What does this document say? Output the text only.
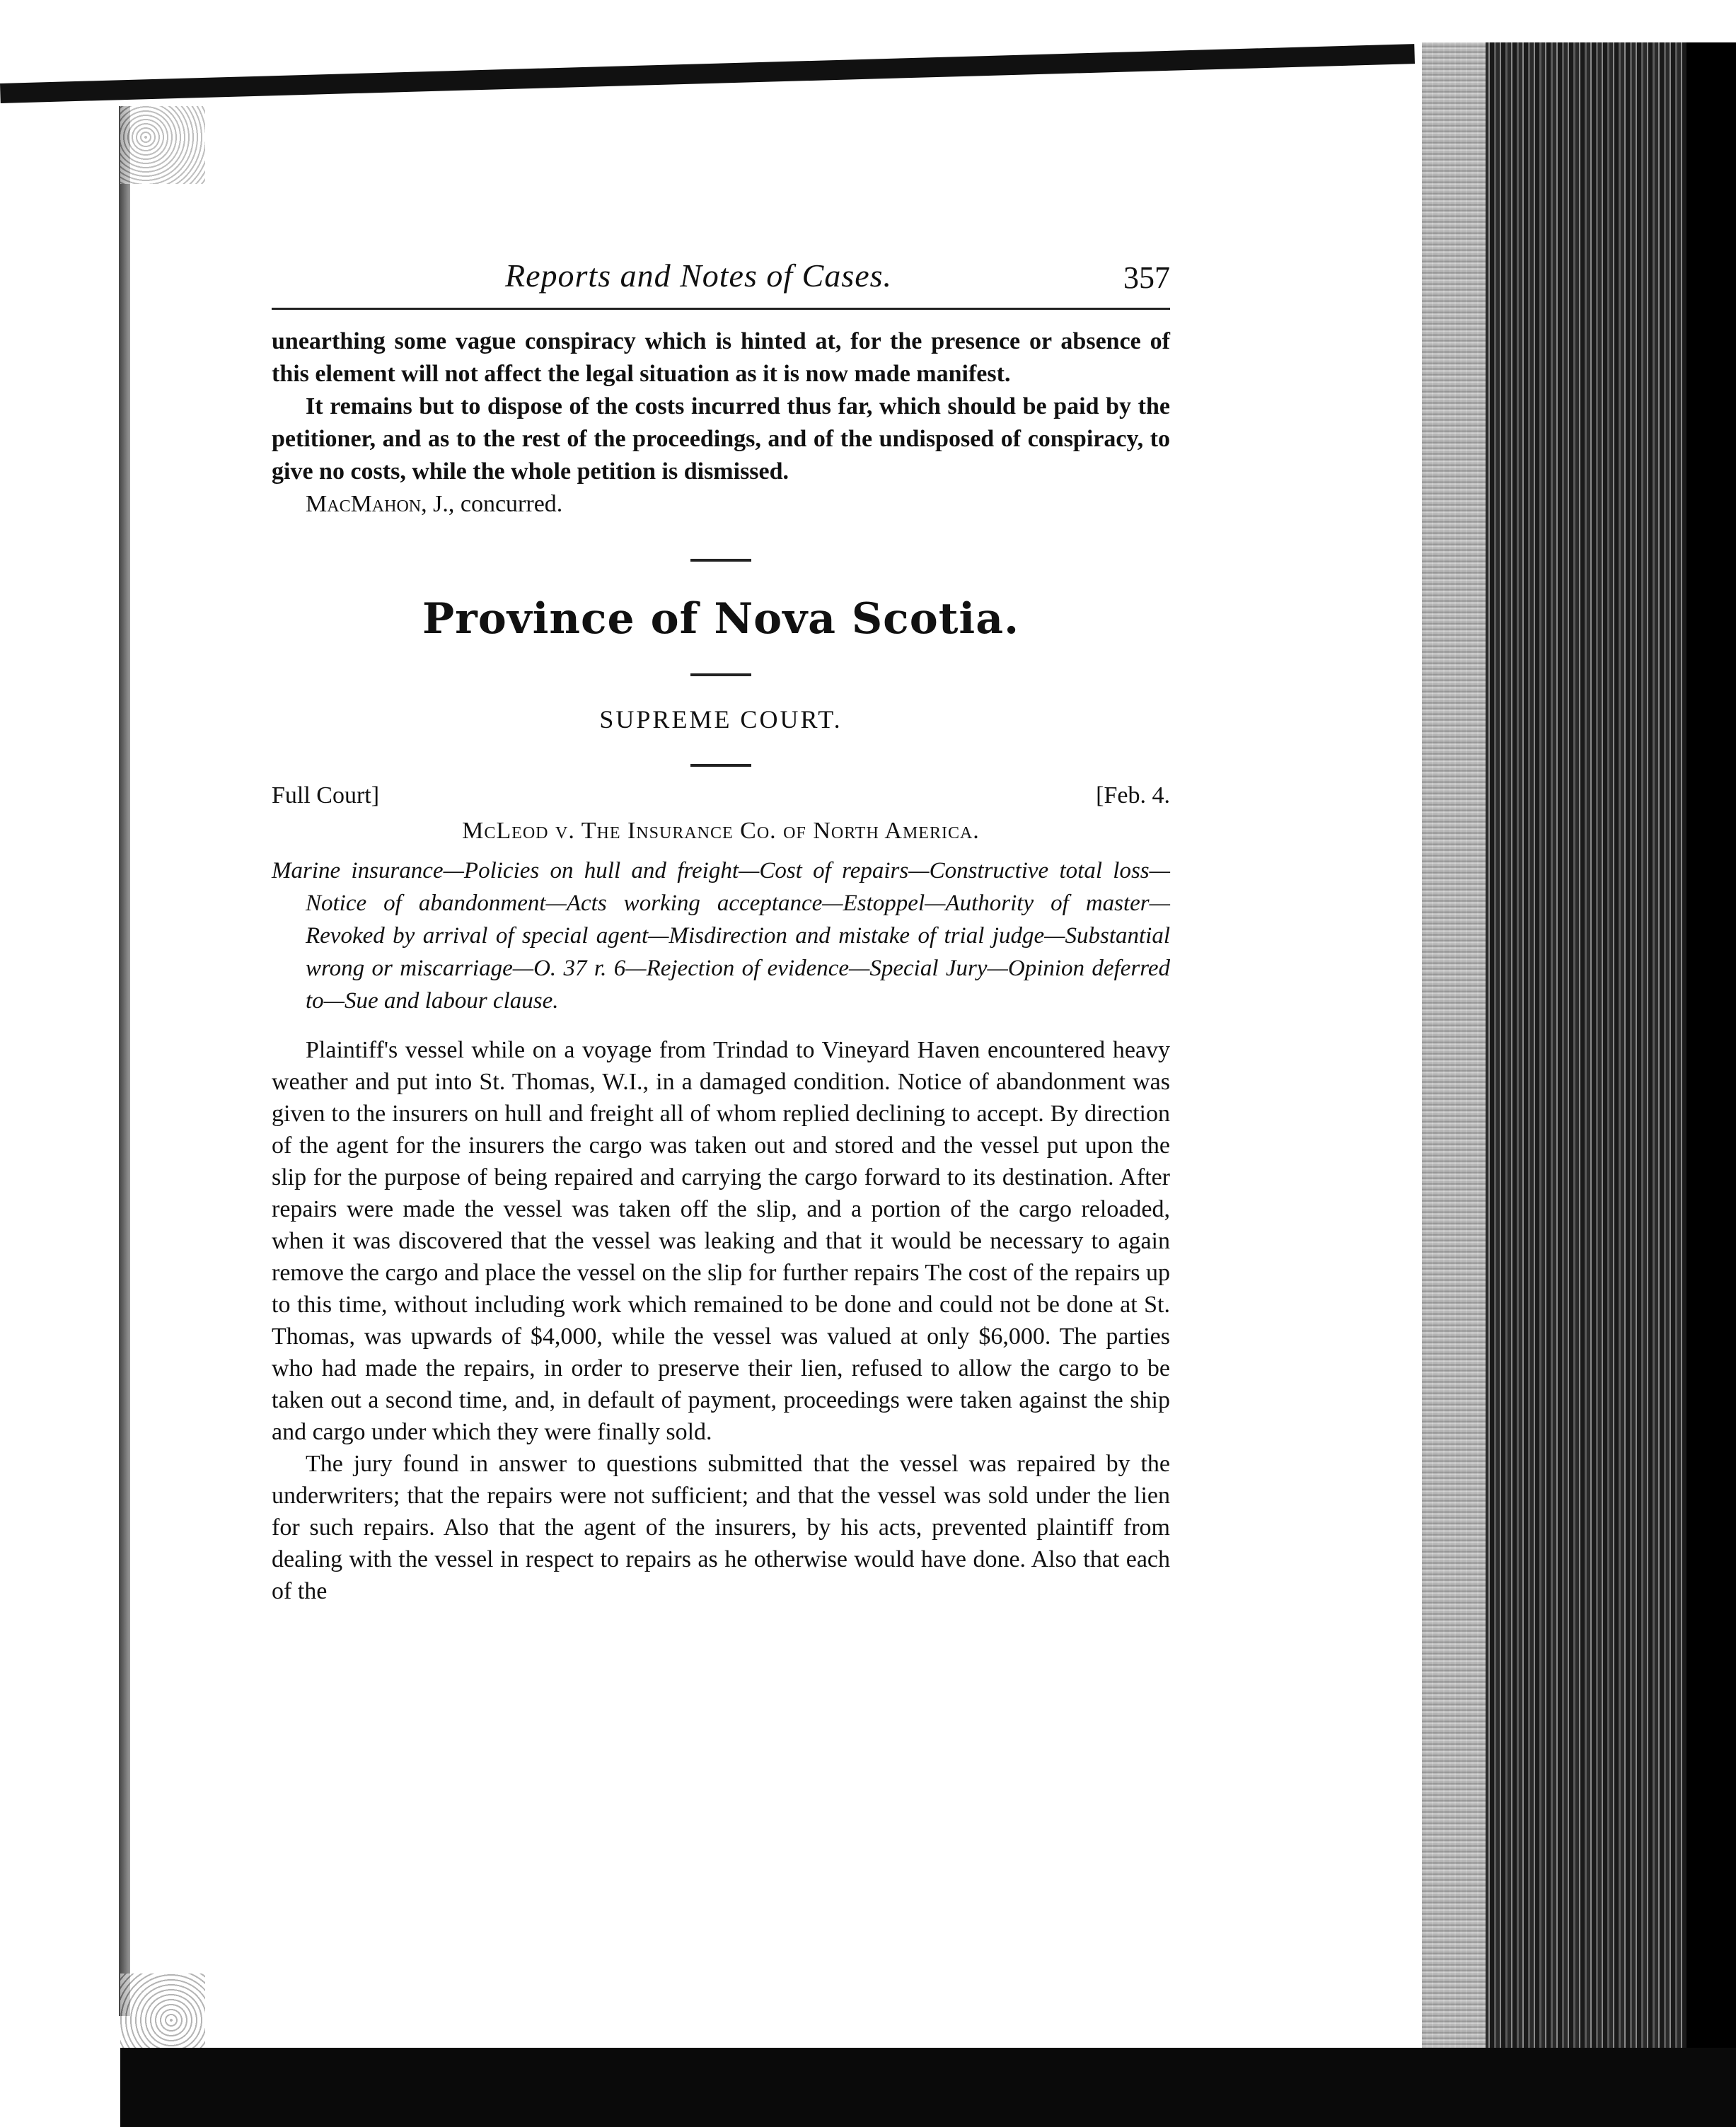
Reports and Notes of Cases.	357

unearthing some vague conspiracy which is hinted at, for the presence or absence of this element will not affect the legal situation as it is now made manifest.

It remains but to dispose of the costs incurred thus far, which should be paid by the petitioner, and as to the rest of the proceedings, and of the undisposed of conspiracy, to give no costs, while the whole petition is dismissed.

MacMahon, J., concurred.

Province of Nova Scotia.
SUPREME COURT.
Full Court]	[Feb. 4.
McLeod v. The Insurance Co. of North America.

Marine insurance—Policies on hull and freight—Cost of repairs—Constructive total loss—Notice of abandonment—Acts working acceptance—Estoppel—Authority of master—Revoked by arrival of special agent—Misdirection and mistake of trial judge—Substantial wrong or miscarriage—O. 37 r. 6—Rejection of evidence—Special Jury—Opinion deferred to—Sue and labour clause.

Plaintiff's vessel while on a voyage from Trindad to Vineyard Haven encountered heavy weather and put into St. Thomas, W.I., in a damaged condition. Notice of abandonment was given to the insurers on hull and freight all of whom replied declining to accept. By direction of the agent for the insurers the cargo was taken out and stored and the vessel put upon the slip for the purpose of being repaired and carrying the cargo forward to its destination. After repairs were made the vessel was taken off the slip, and a portion of the cargo reloaded, when it was discovered that the vessel was leaking and that it would be necessary to again remove the cargo and place the vessel on the slip for further repairs The cost of the repairs up to this time, without including work which remained to be done and could not be done at St. Thomas, was upwards of $4,000, while the vessel was valued at only $6,000. The parties who had made the repairs, in order to preserve their lien, refused to allow the cargo to be taken out a second time, and, in default of payment, proceedings were taken against the ship and cargo under which they were finally sold.

The jury found in answer to questions submitted that the vessel was repaired by the underwriters; that the repairs were not sufficient; and that the vessel was sold under the lien for such repairs. Also that the agent of the insurers, by his acts, prevented plaintiff from dealing with the vessel in respect to repairs as he otherwise would have done. Also that each of the
